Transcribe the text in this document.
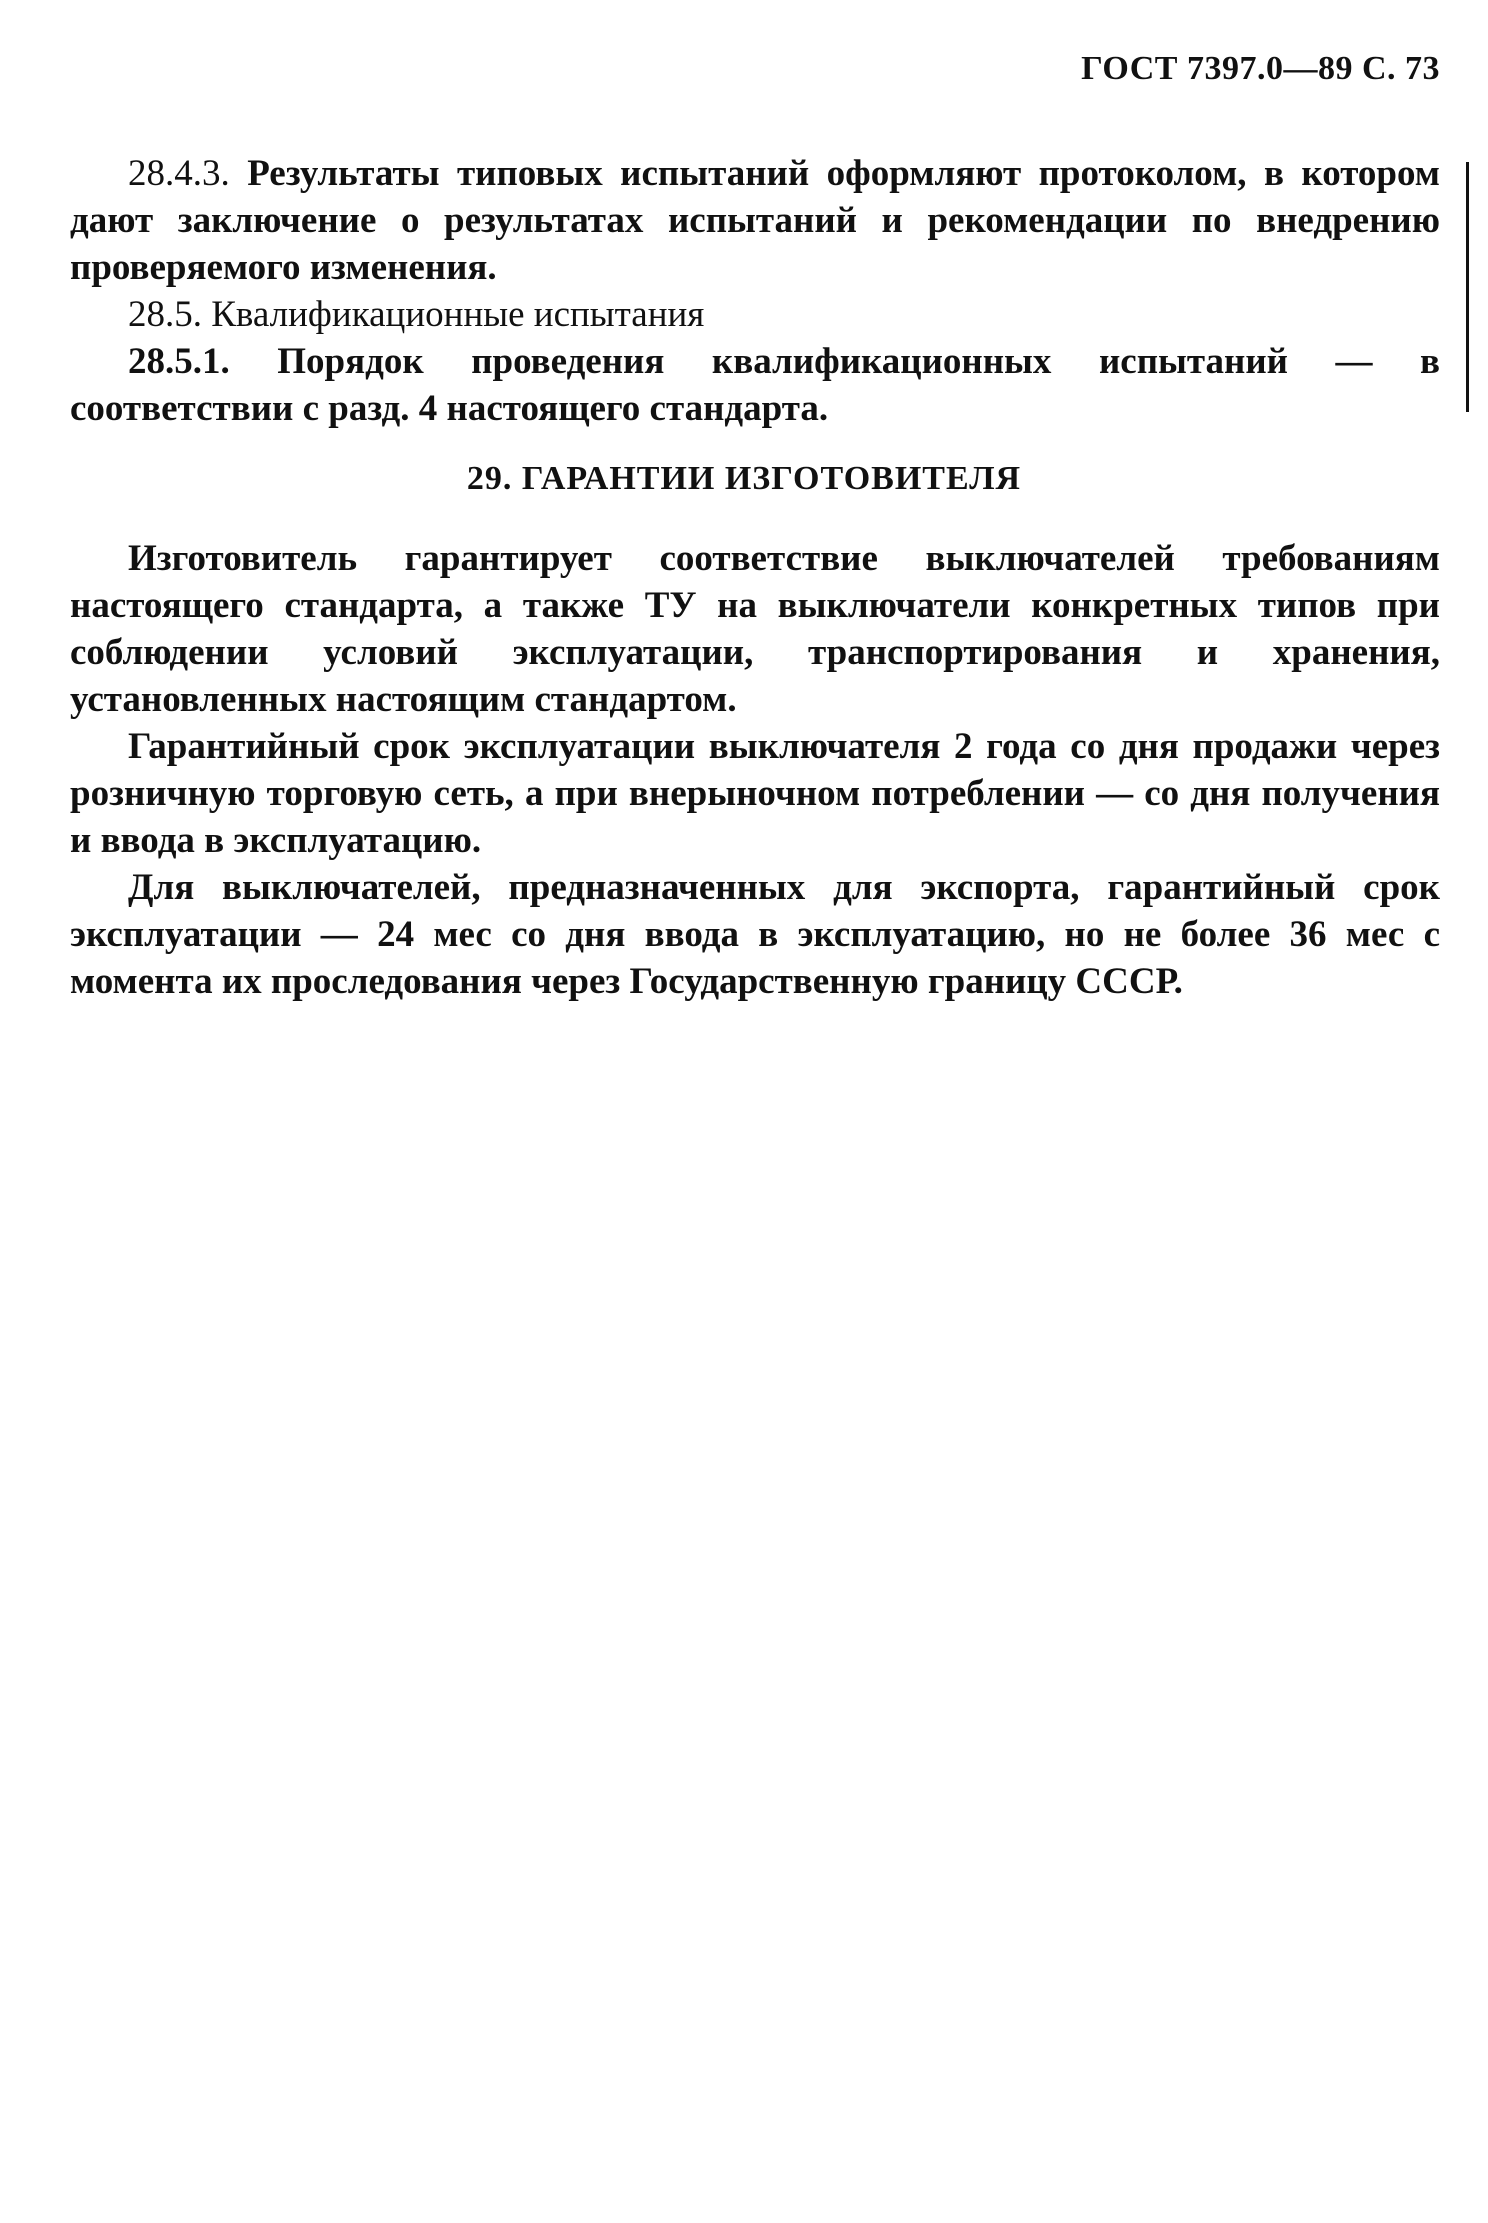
ГОСТ 7397.0—89 С. 73

28.4.3. Результаты типовых испытаний оформляют протоколом, в котором дают заключение о результатах испытаний и рекомендации по внедрению проверяемого изменения.

28.5. Квалификационные испытания

28.5.1. Порядок проведения квалификационных испытаний — в соответствии с разд. 4 настоящего стандарта.

29. ГАРАНТИИ ИЗГОТОВИТЕЛЯ

Изготовитель гарантирует соответствие выключателей требованиям настоящего стандарта, а также ТУ на выключатели конкретных типов при соблюдении условий эксплуатации, транспортирования и хранения, установленных настоящим стандартом.

Гарантийный срок эксплуатации выключателя 2 года со дня продажи через розничную торговую сеть, а при внерыночном потреблении — со дня получения и ввода в эксплуатацию.

Для выключателей, предназначенных для экспорта, гарантийный срок эксплуатации — 24 мес со дня ввода в эксплуатацию, но не более 36 мес с момента их проследования через Государственную границу СССР.
